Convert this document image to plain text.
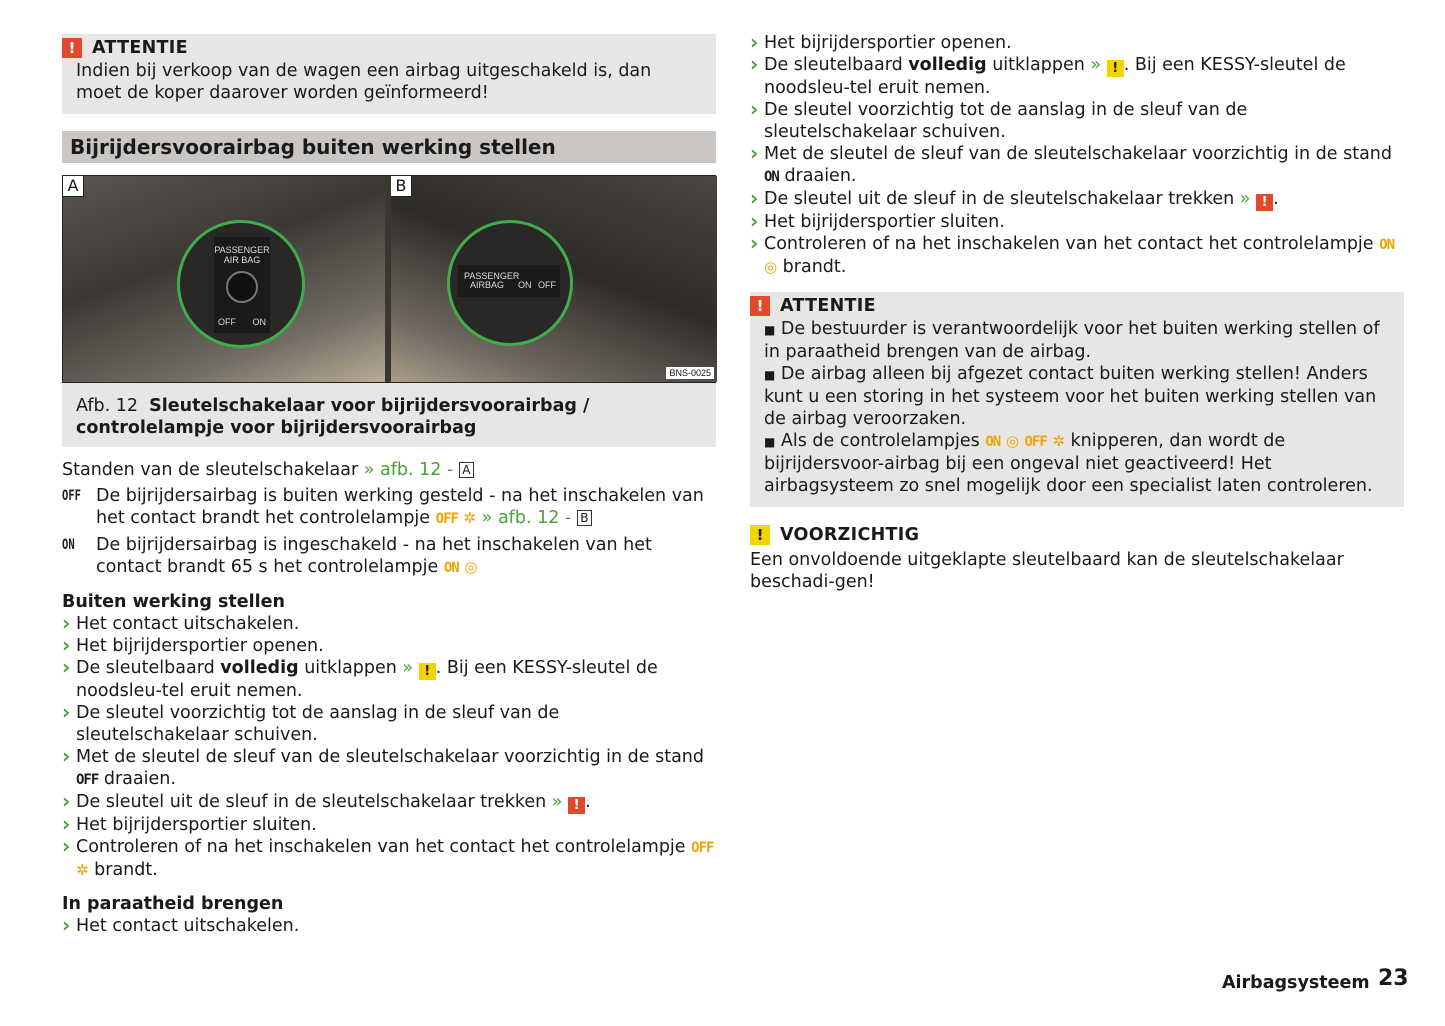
! ATTENTIE
Indien bij verkoop van de wagen een airbag uitgeschakeld is, dan moet de koper daarover worden geïnformeerd!
Bijrijdersvoorairbag buiten werking stellen
A
PASSENGER
AIR BAG
OFF ON
B
PASSENGER
AIRBAG	ON OFF
BNS-0025
Afb. 12 Sleutelschakelaar voor bijrijdersvoorairbag / controlelampje voor bijrijdersvoorairbag
Standen van de sleutelschakelaar » afb. 12 - A
OFF De bijrijdersairbag is buiten werking gesteld - na het inschakelen van het contact brandt het controlelampje OFF ✲ » afb. 12 - B
ON	De bijrijdersairbag is ingeschakeld - na het inschakelen van het contact brandt 65 s het controlelampje ON ◎
Buiten werking stellen
› Het contact uitschakelen.
› Het bijrijdersportier openen.
› De sleutelbaard volledig uitklappen » ! . Bij een KESSY-sleutel de noodsleu-tel eruit nemen.
› De sleutel voorzichtig tot de aanslag in de sleuf van de sleutelschakelaar schuiven.
› Met de sleutel de sleuf van de sleutelschakelaar voorzichtig in de stand OFF draaien.
› De sleutel uit de sleuf in de sleutelschakelaar trekken » ! .
› Het bijrijdersportier sluiten.
› Controleren of na het inschakelen van het contact het controlelampje OFF ✲ brandt.
In paraatheid brengen
› Het contact uitschakelen.
› Het bijrijdersportier openen.
› De sleutelbaard volledig uitklappen » ! . Bij een KESSY-sleutel de noodsleu-tel eruit nemen.
› De sleutel voorzichtig tot de aanslag in de sleuf van de sleutelschakelaar schuiven.
› Met de sleutel de sleuf van de sleutelschakelaar voorzichtig in de stand ON draaien.
› De sleutel uit de sleuf in de sleutelschakelaar trekken » ! .
› Het bijrijdersportier sluiten.
› Controleren of na het inschakelen van het contact het controlelampje ON ◎ brandt.
! ATTENTIE
■ De bestuurder is verantwoordelijk voor het buiten werking stellen of in paraatheid brengen van de airbag.
■ De airbag alleen bij afgezet contact buiten werking stellen! Anders kunt u een storing in het systeem voor het buiten werking stellen van de airbag veroorzaken.
■ Als de controlelampjes ON ◎ OFF ✲ knipperen, dan wordt de bijrijdersvoor-airbag bij een ongeval niet geactiveerd! Het airbagsysteem zo snel mogelijk door een specialist laten controleren.
! VOORZICHTIG
Een onvoldoende uitgeklapte sleutelbaard kan de sleutelschakelaar beschadi-gen!
Airbagsysteem 23
